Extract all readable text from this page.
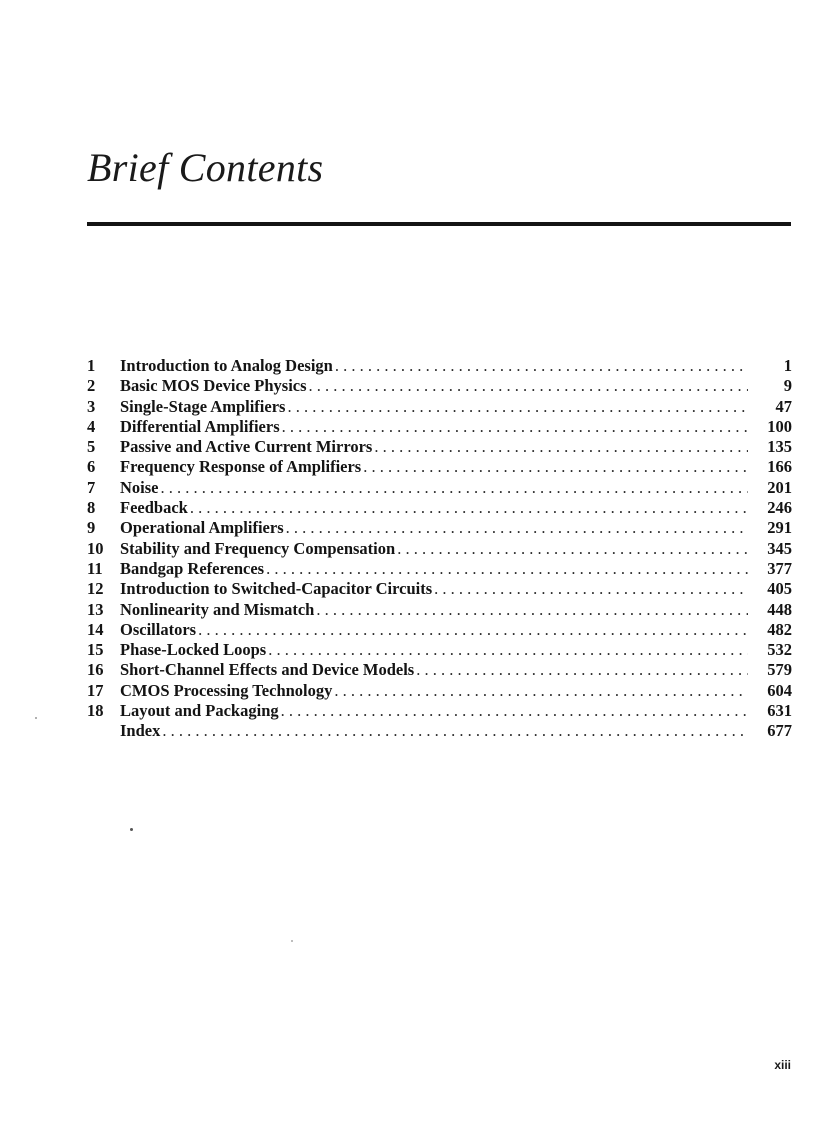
Brief Contents
1	Introduction to Analog Design . . .	1
2	Basic MOS Device Physics . . .	9
3	Single-Stage Amplifiers . . .	47
4	Differential Amplifiers . . .	100
5	Passive and Active Current Mirrors . . .	135
6	Frequency Response of Amplifiers . . .	166
7	Noise . . .	201
8	Feedback . . .	246
9	Operational Amplifiers . . .	291
10	Stability and Frequency Compensation . . .	345
11	Bandgap References . . .	377
12	Introduction to Switched-Capacitor Circuits . . .	405
13	Nonlinearity and Mismatch . . .	448
14	Oscillators . . .	482
15	Phase-Locked Loops . . .	532
16	Short-Channel Effects and Device Models . . .	579
17	CMOS Processing Technology . . .	604
18	Layout and Packaging . . .	631
Index . . .	677
xiii
